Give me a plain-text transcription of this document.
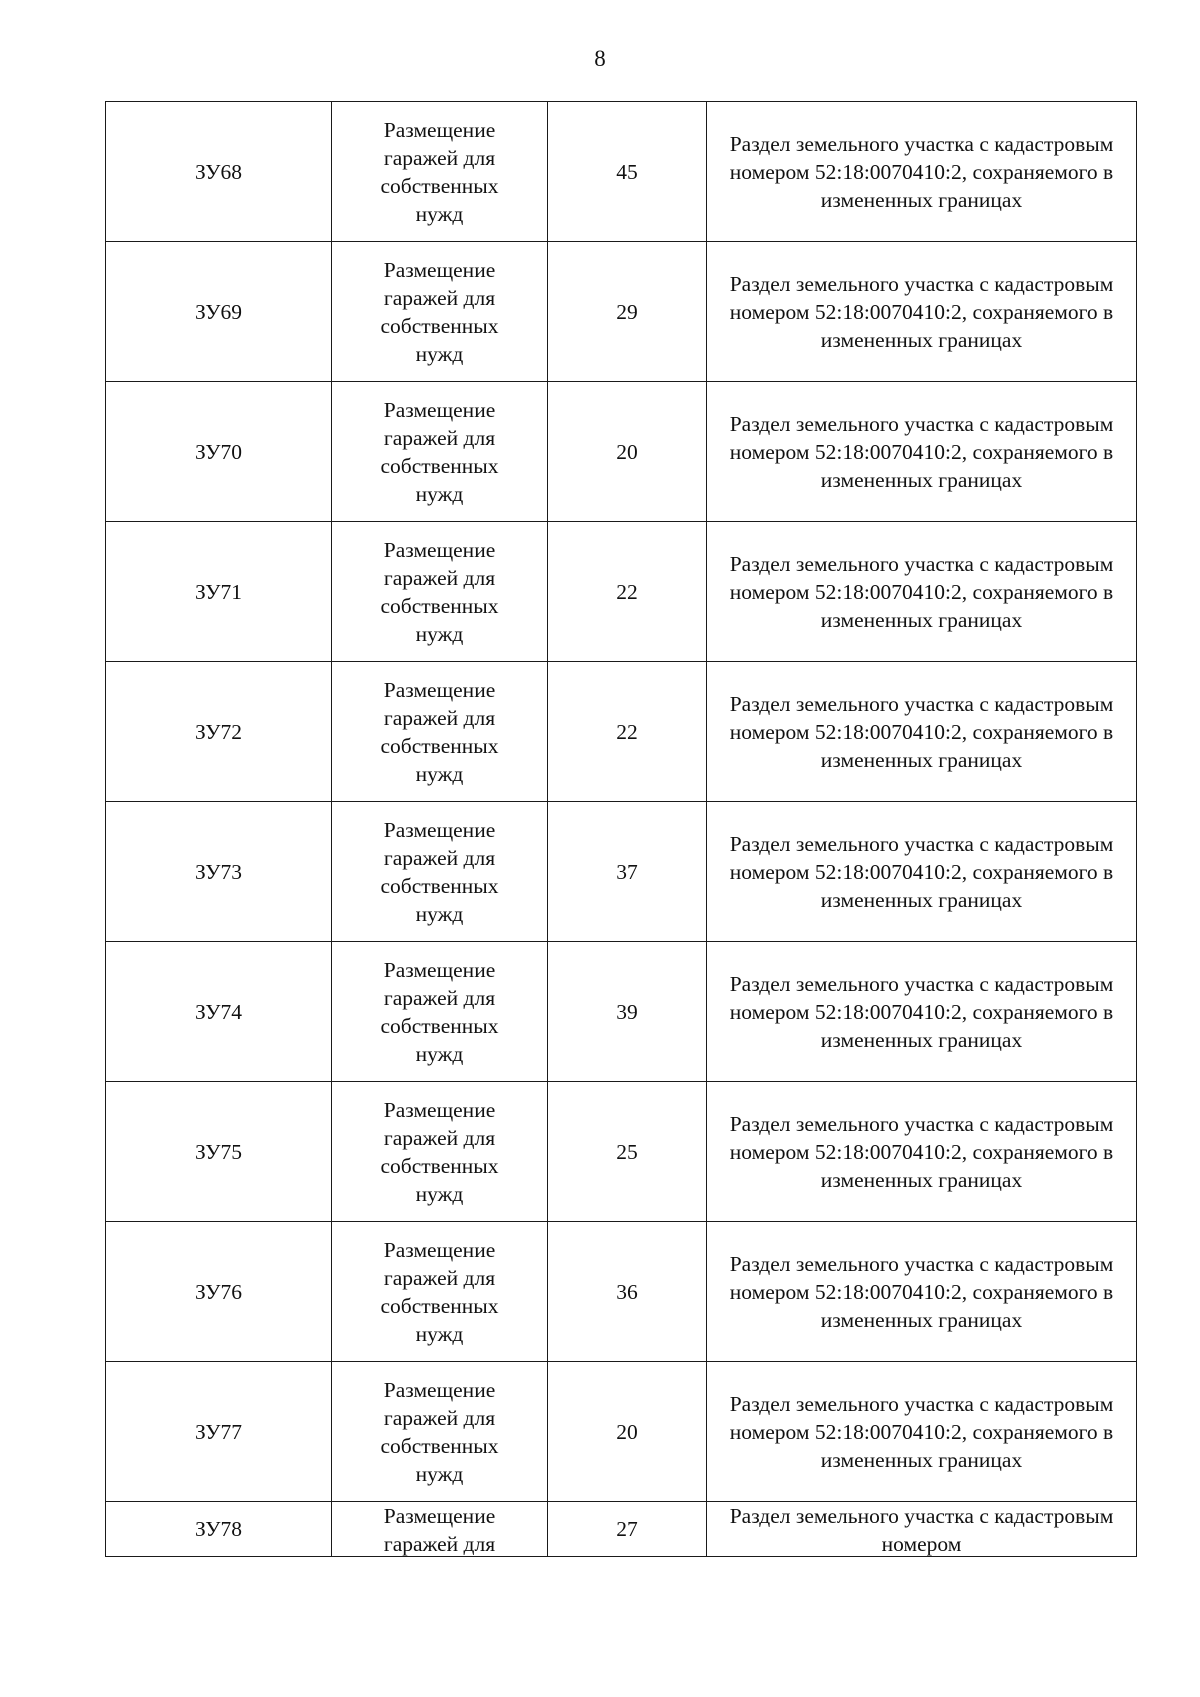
8
ЗУ68	Размещение гаражей для собственных нужд	45	Раздел земельного участка с кадастровым номером 52:18:0070410:2, сохраняемого в измененных границах
ЗУ69	Размещение гаражей для собственных нужд	29	Раздел земельного участка с кадастровым номером 52:18:0070410:2, сохраняемого в измененных границах
ЗУ70	Размещение гаражей для собственных нужд	20	Раздел земельного участка с кадастровым номером 52:18:0070410:2, сохраняемого в измененных границах
ЗУ71	Размещение гаражей для собственных нужд	22	Раздел земельного участка с кадастровым номером 52:18:0070410:2, сохраняемого в измененных границах
ЗУ72	Размещение гаражей для собственных нужд	22	Раздел земельного участка с кадастровым номером 52:18:0070410:2, сохраняемого в измененных границах
ЗУ73	Размещение гаражей для собственных нужд	37	Раздел земельного участка с кадастровым номером 52:18:0070410:2, сохраняемого в измененных границах
ЗУ74	Размещение гаражей для собственных нужд	39	Раздел земельного участка с кадастровым номером 52:18:0070410:2, сохраняемого в измененных границах
ЗУ75	Размещение гаражей для собственных нужд	25	Раздел земельного участка с кадастровым номером 52:18:0070410:2, сохраняемого в измененных границах
ЗУ76	Размещение гаражей для собственных нужд	36	Раздел земельного участка с кадастровым номером 52:18:0070410:2, сохраняемого в измененных границах
ЗУ77	Размещение гаражей для собственных нужд	20	Раздел земельного участка с кадастровым номером 52:18:0070410:2, сохраняемого в измененных границах
ЗУ78	Размещение гаражей для	27	Раздел земельного участка с кадастровым номером
